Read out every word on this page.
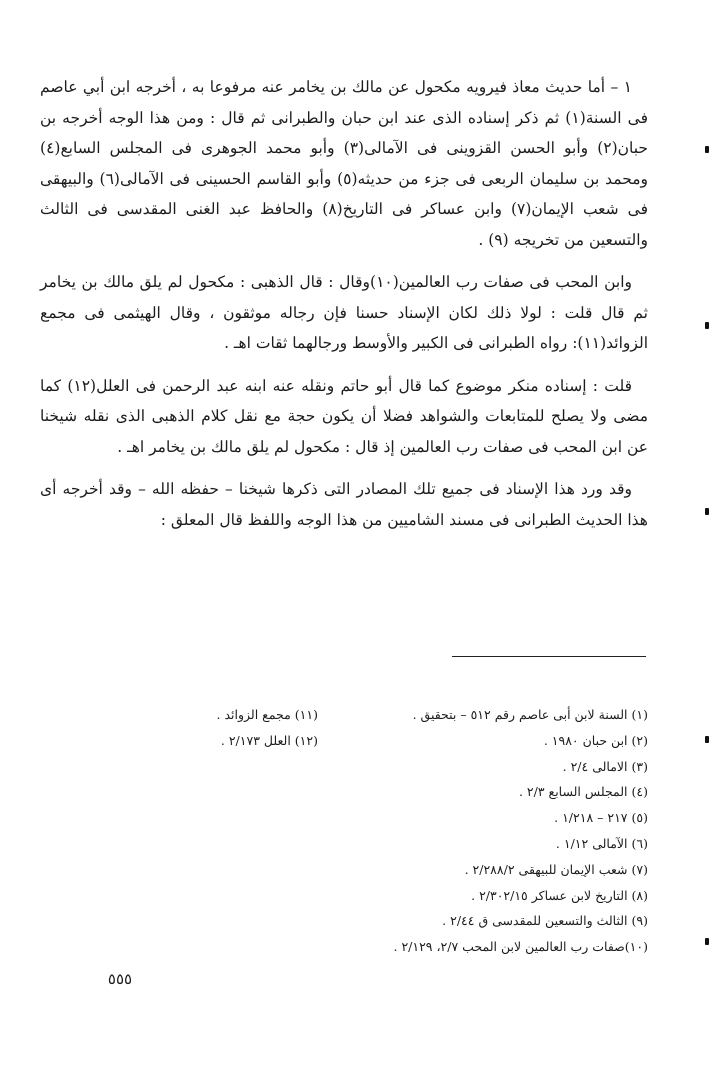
١ – أما حديث معاذ فيرويه مكحول عن مالك بن يخامر عنه مرفوعا به ، أخرجه ابن أبي عاصم فى السنة(١) ثم ذكر إسناده الذى عند ابن حبان والطبرانى ثم قال : ومن هذا الوجه أخرجه بن حبان(٢) وأبو الحسن القزوينى فى الآمالى(٣) وأبو محمد الجوهرى فى المجلس السابع(٤) ومحمد بن سليمان الربعى فى جزء من حديثه(٥) وأبو القاسم الحسينى فى الآمالى(٦) والبيهقى فى شعب الإيمان(٧) وابن عساكر فى التاريخ(٨) والحافظ عبد الغنى المقدسى فى الثالث والتسعين من تخريجه (٩) .

وابن المحب فى صفات رب العالمين(١٠)وقال : قال الذهبى : مكحول لم يلق مالك بن يخامر ثم قال قلت : لولا ذلك لكان الإسناد حسنا فإن رجاله موثقون ، وقال الهيثمى فى مجمع الزوائد(١١): رواه الطبرانى فى الكبير والأوسط ورجالهما ثقات اهـ .

قلت : إسناده منكر موضوع كما قال أبو حاتم ونقله عنه ابنه عبد الرحمن فى العلل(١٢) كما مضى ولا يصلح للمتابعات والشواهد فضلا أن يكون حجة مع نقل كلام الذهبى الذى نقله شيخنا عن ابن المحب فى صفات رب العالمين إذ قال : مكحول لم يلق مالك بن يخامر اهـ .

وقد ورد هذا الإسناد فى جميع تلك المصادر التى ذكرها شيخنا – حفظه الله – وقد أخرجه أى هذا الحديث الطبرانى فى مسند الشاميين من هذا الوجه واللفظ قال المعلق :

(١) السنة لابن أبى عاصم رقم ٥١٢ – بتحقيق .
(٢) ابن حبان ١٩٨٠ .
(٣) الامالى ٢/٤ .
(٤) المجلس السابع ٢/٣ .
(٥) ٢١٧ – ١/٢١٨ .
(٦) الآمالى ١/١٢ .
(٧) شعب الإيمان للبيهقى ٢/٢٨٨/٢ .
(٨) التاريخ لابن عساكر ٢/٣٠٢/١٥ .
(٩) الثالث والتسعين للمقدسى ق ٢/٤٤ .
(١٠)صفات رب العالمين لابن المحب ٢/٧، ٢/١٢٩ .
(١١) مجمع الزوائد .
(١٢) العلل ٢/١٧٣ .
٥٥٥
